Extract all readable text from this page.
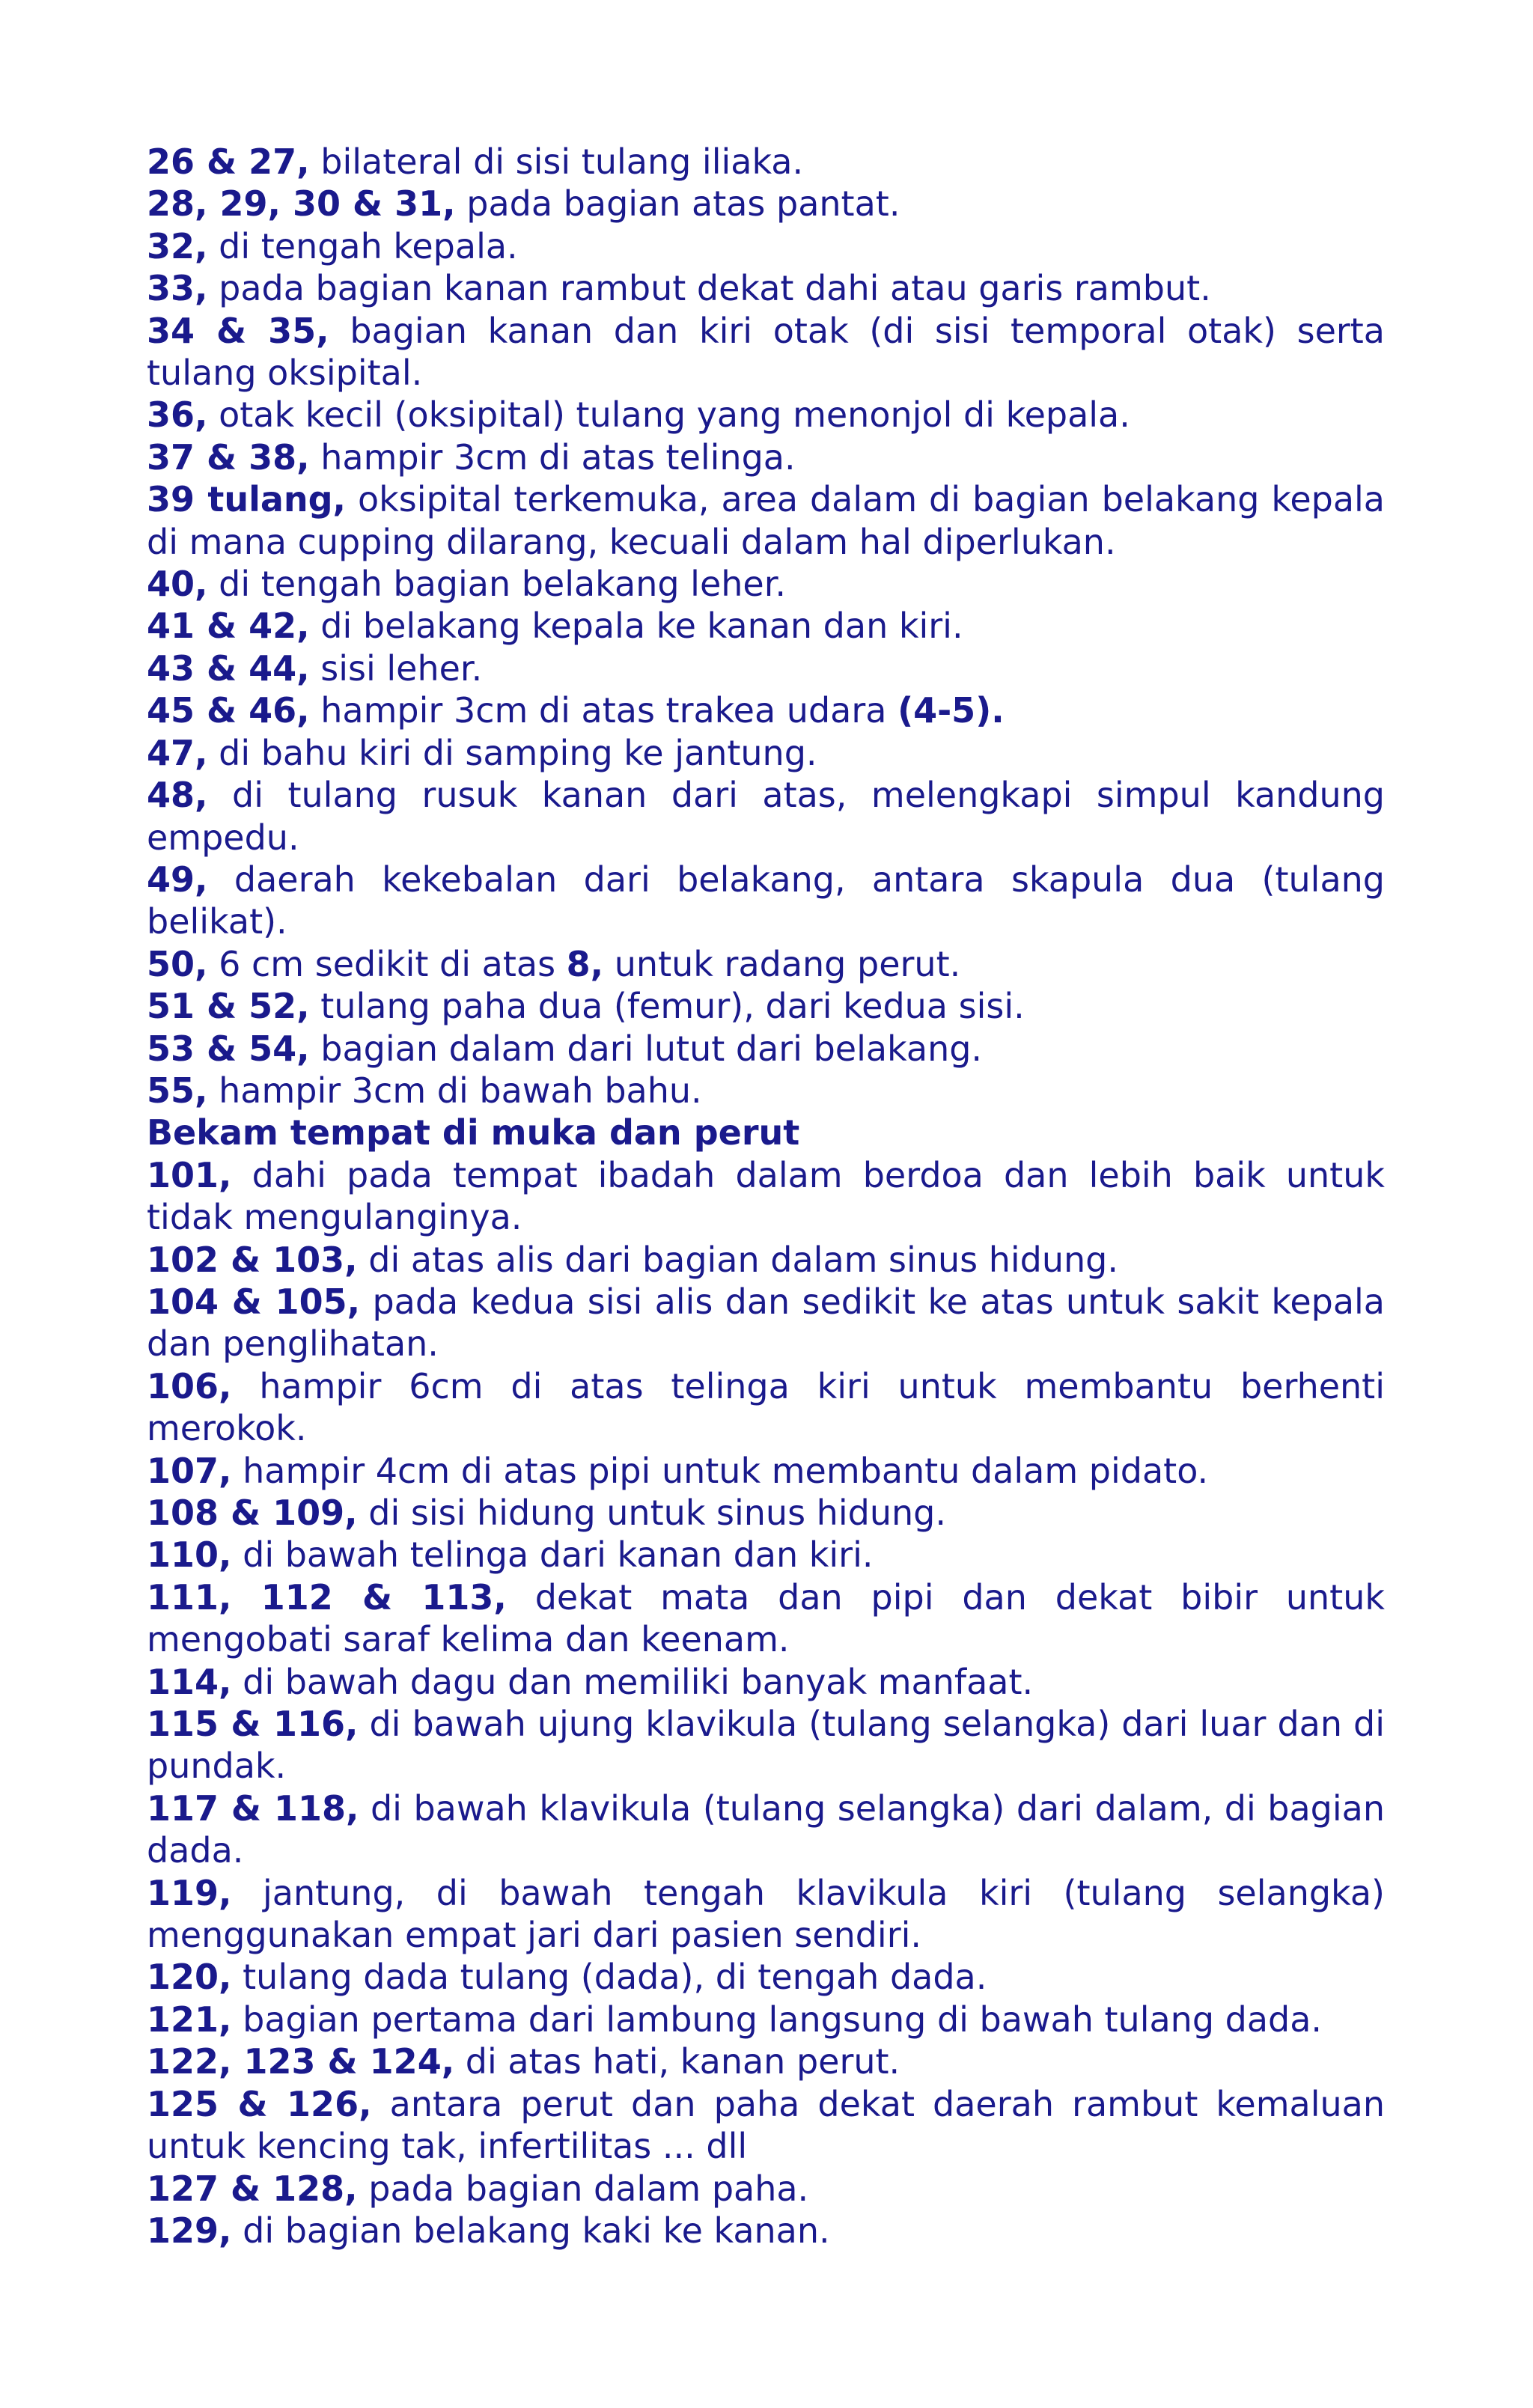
26 & 27, bilateral di sisi tulang iliaka.

28, 29, 30 & 31, pada bagian atas pantat.

32, di tengah kepala.

33, pada bagian kanan rambut dekat dahi atau garis rambut.

34 & 35, bagian kanan dan kiri otak (di sisi temporal otak) serta tulang oksipital.

36, otak kecil (oksipital) tulang yang menonjol di kepala.

37 & 38, hampir 3cm di atas telinga.

39 tulang, oksipital terkemuka, area dalam di bagian belakang kepala di mana cupping dilarang, kecuali dalam hal diperlukan.

40, di tengah bagian belakang leher.

41 & 42, di belakang kepala ke kanan dan kiri.

43 & 44, sisi leher.

45 & 46, hampir 3cm di atas trakea udara (4-5).

47, di bahu kiri di samping ke jantung.

48, di tulang rusuk kanan dari atas, melengkapi simpul kandung empedu.

49, daerah kekebalan dari belakang, antara skapula dua (tulang belikat).

50, 6 cm sedikit di atas 8, untuk radang perut.

51 & 52, tulang paha dua (femur), dari kedua sisi.

53 & 54, bagian dalam dari lutut dari belakang.

55, hampir 3cm di bawah bahu.

Bekam tempat di muka dan perut

101, dahi pada tempat ibadah dalam berdoa dan lebih baik untuk tidak mengulanginya.

102 & 103, di atas alis dari bagian dalam sinus hidung.

104 & 105, pada kedua sisi alis dan sedikit ke atas untuk sakit kepala dan penglihatan.

106, hampir 6cm di atas telinga kiri untuk membantu berhenti merokok.

107, hampir 4cm di atas pipi untuk membantu dalam pidato.

108 & 109, di sisi hidung untuk sinus hidung.

110, di bawah telinga dari kanan dan kiri.

111, 112 & 113, dekat mata dan pipi dan dekat bibir untuk mengobati saraf kelima dan keenam.

114, di bawah dagu dan memiliki banyak manfaat.

115 & 116, di bawah ujung klavikula (tulang selangka) dari luar dan di pundak.

117 & 118, di bawah klavikula (tulang selangka) dari dalam, di bagian dada.

119, jantung, di bawah tengah klavikula kiri (tulang selangka) menggunakan empat jari dari pasien sendiri.

120, tulang dada tulang (dada), di tengah dada.

121, bagian pertama dari lambung langsung di bawah tulang dada.

122, 123 & 124, di atas hati, kanan perut.

125 & 126, antara perut dan paha dekat daerah rambut kemaluan untuk kencing tak, infertilitas ... dll

127 & 128, pada bagian dalam paha.

129, di bagian belakang kaki ke kanan.
